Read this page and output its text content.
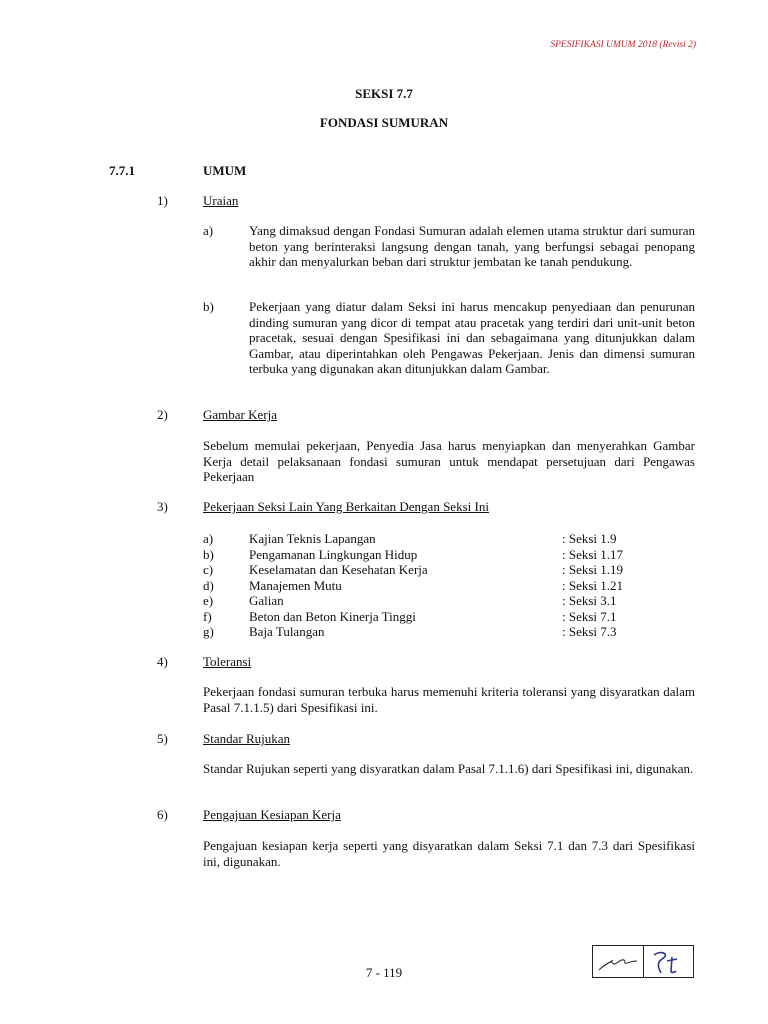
SPESIFIKASI UMUM 2018 (Revisi 2)
SEKSI 7.7
FONDASI SUMURAN
7.7.1	UMUM
1)	Uraian
a)	Yang dimaksud dengan Fondasi Sumuran adalah elemen utama struktur dari sumuran beton yang berinteraksi langsung dengan tanah, yang berfungsi sebagai penopang akhir dan menyalurkan beban dari struktur jembatan ke tanah pendukung.
b)	Pekerjaan yang diatur dalam Seksi ini harus mencakup penyediaan dan penurunan dinding sumuran yang dicor di tempat atau pracetak yang terdiri dari unit-unit beton pracetak, sesuai dengan Spesifikasi ini dan sebagaimana yang ditunjukkan dalam Gambar, atau diperintahkan oleh Pengawas Pekerjaan. Jenis dan dimensi sumuran terbuka yang digunakan akan ditunjukkan dalam Gambar.
2)	Gambar Kerja
Sebelum memulai pekerjaan, Penyedia Jasa harus menyiapkan dan menyerahkan Gambar Kerja detail pelaksanaan fondasi sumuran untuk mendapat persetujuan dari Pengawas Pekerjaan
3)	Pekerjaan Seksi Lain Yang Berkaitan Dengan Seksi Ini
a)	Kajian Teknis Lapangan	: Seksi 1.9
b)	Pengamanan Lingkungan Hidup	: Seksi 1.17
c)	Keselamatan dan Kesehatan Kerja	: Seksi 1.19
d)	Manajemen Mutu	: Seksi 1.21
e)	Galian	: Seksi 3.1
f)	Beton dan Beton Kinerja Tinggi	: Seksi 7.1
g)	Baja Tulangan	: Seksi 7.3
4)	Toleransi
Pekerjaan fondasi sumuran terbuka harus memenuhi kriteria toleransi yang disyaratkan dalam Pasal 7.1.1.5) dari Spesifikasi ini.
5)	Standar Rujukan
Standar Rujukan seperti yang disyaratkan dalam Pasal 7.1.1.6) dari Spesifikasi ini, digunakan.
6)	Pengajuan Kesiapan Kerja
Pengajuan kesiapan kerja seperti yang disyaratkan dalam Seksi 7.1 dan 7.3 dari Spesifikasi ini, digunakan.
7 - 119
